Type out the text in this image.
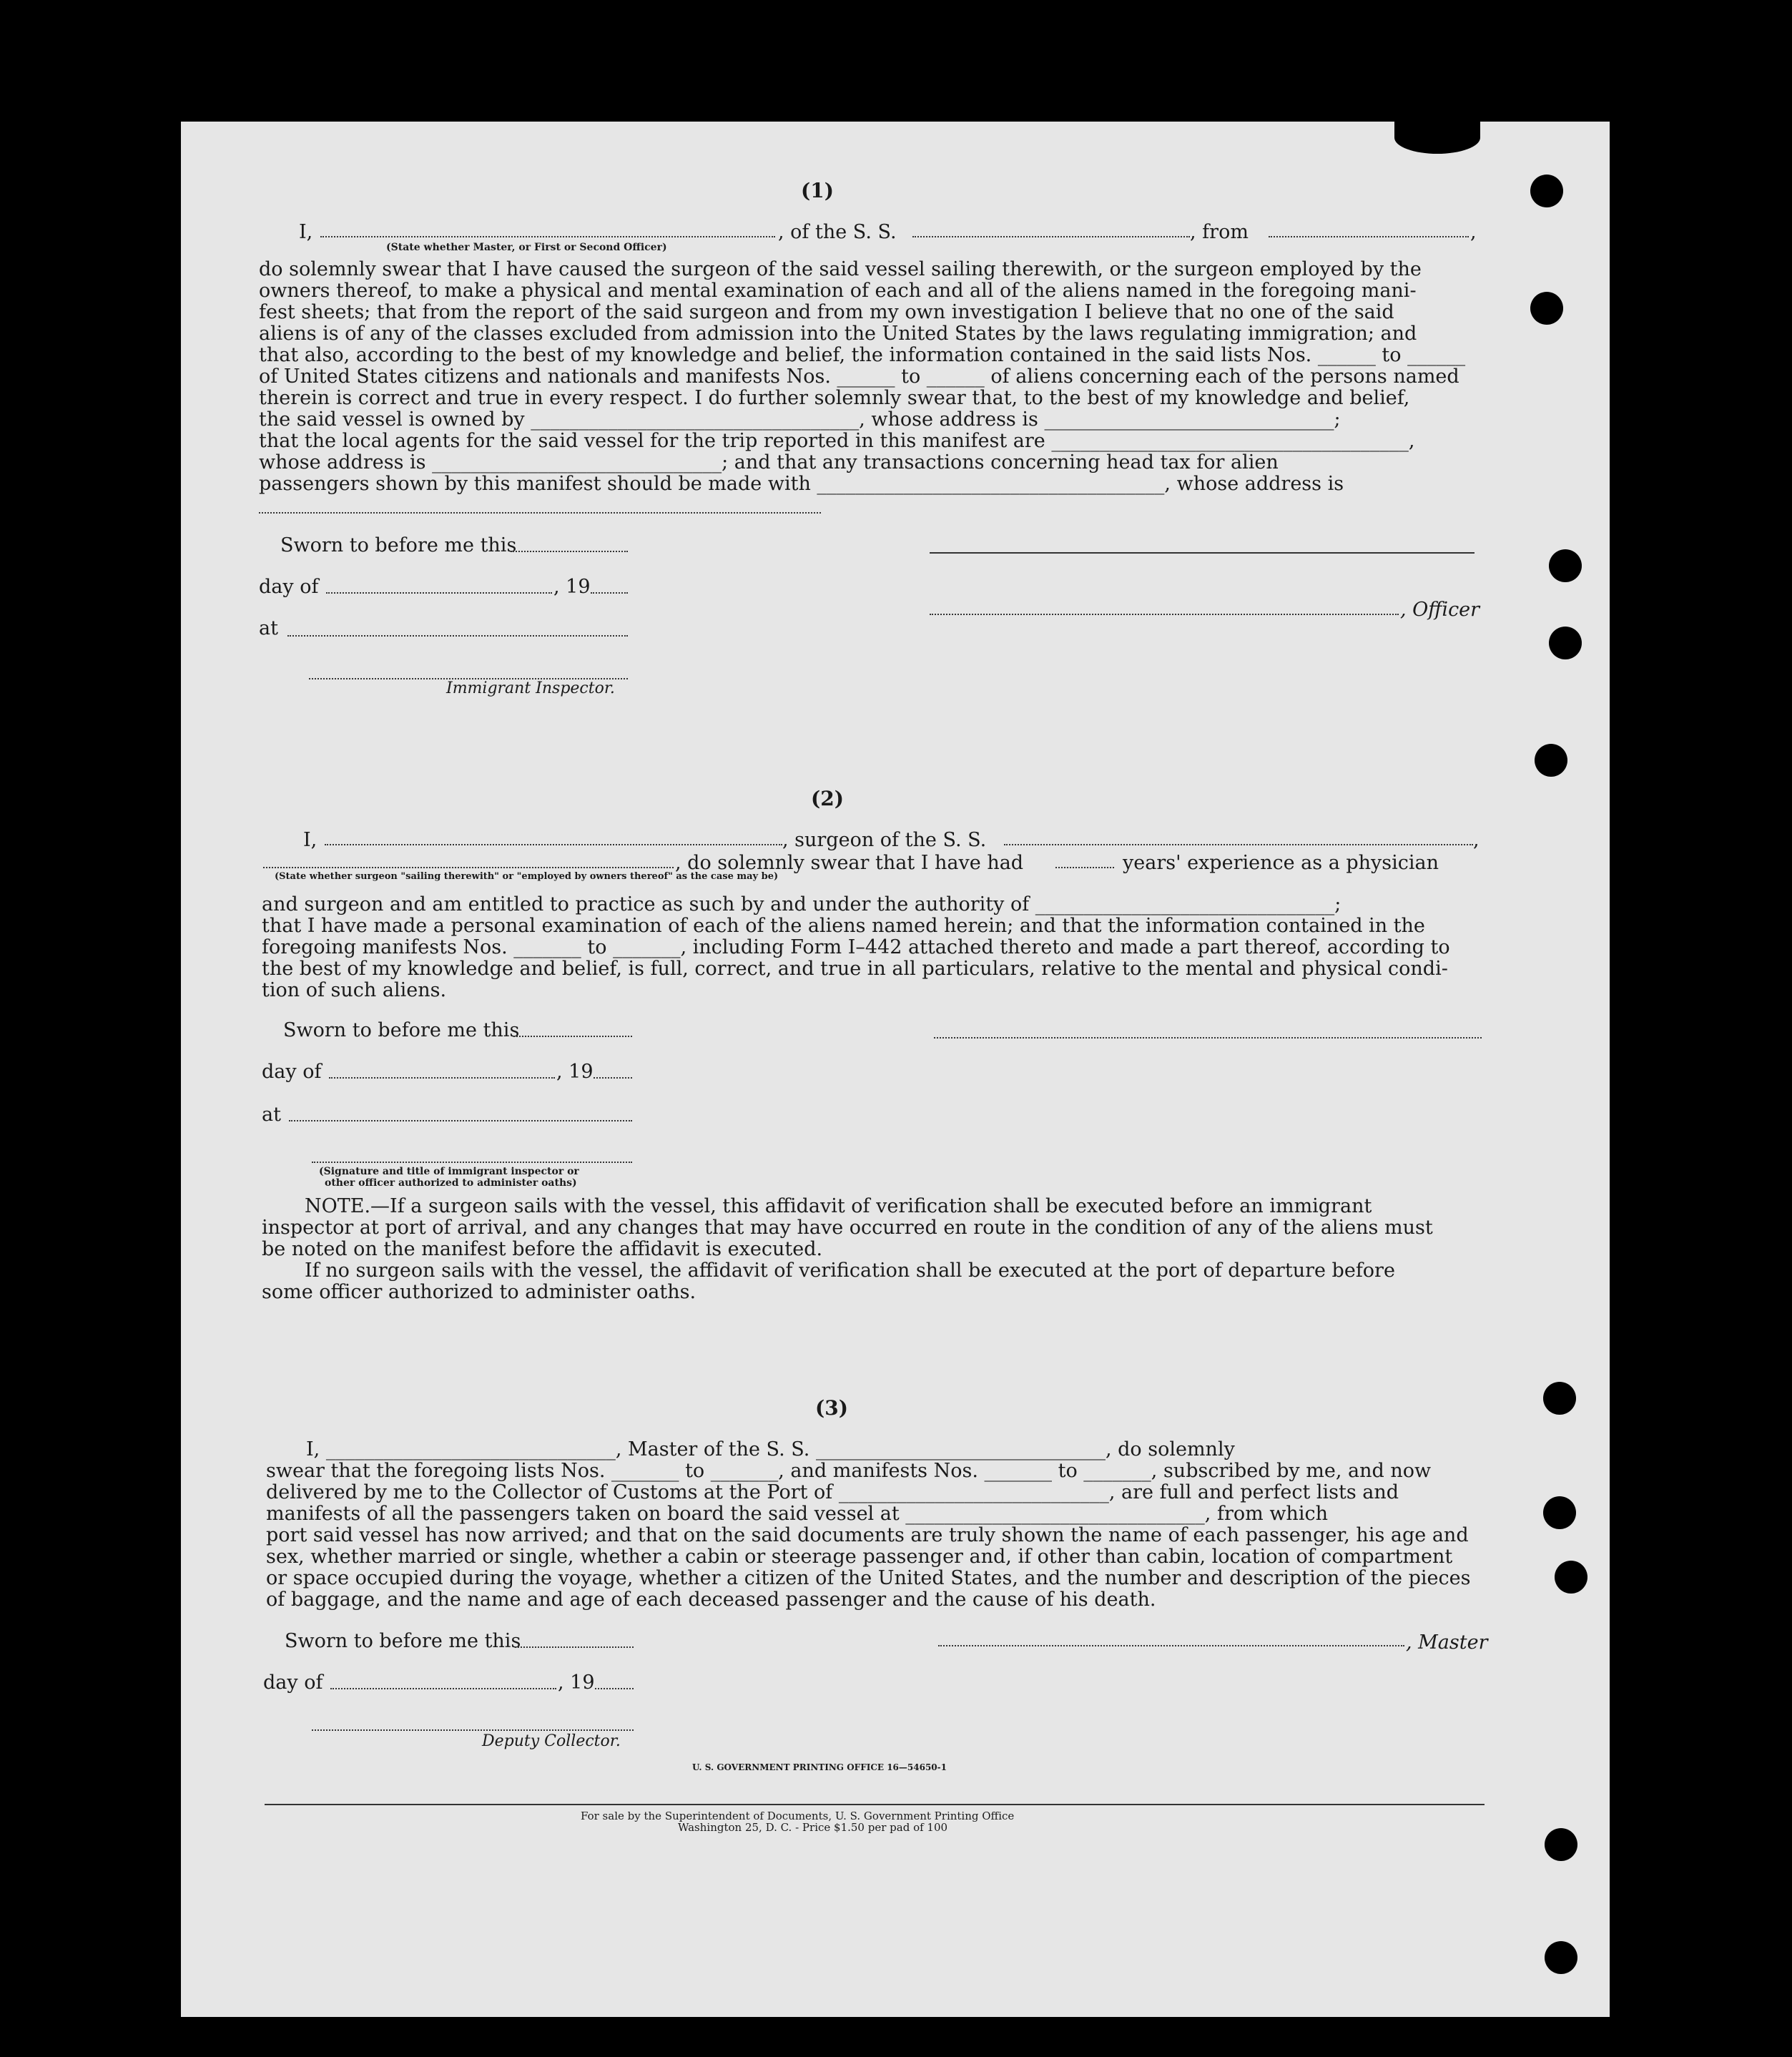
(1)
I,	, of the S. S.	, from	,
(State whether Master, or First or Second Officer)
do solemnly swear that I have caused the surgeon of the said vessel sailing therewith, or the surgeon employed by the
owners thereof, to make a physical and mental examination of each and all of the aliens named in the foregoing mani-
fest sheets; that from the report of the said surgeon and from my own investigation I believe that no one of the said
aliens is of any of the classes excluded from admission into the United States by the laws regulating immigration; and
that also, according to the best of my knowledge and belief, the information contained in the said lists Nos. ______ to ______
of United States citizens and nationals and manifests Nos. ______ to ______ of aliens concerning each of the persons named
therein is correct and true in every respect. I do further solemnly swear that, to the best of my knowledge and belief,
the said vessel is owned by __________________________________, whose address is ______________________________;
that the local agents for the said vessel for the trip reported in this manifest are _____________________________________,
whose address is ______________________________; and that any transactions concerning head tax for alien
passengers shown by this manifest should be made with ____________________________________, whose address is
Sworn to before me this
day of	, 19
at
Immigrant Inspector.
, Officer
(2)
I,	, surgeon of the S. S.	,
, do solemnly swear that I have had	years' experience as a physician
(State whether surgeon "sailing therewith" or "employed by owners thereof" as the case may be)
and surgeon and am entitled to practice as such by and under the authority of _______________________________;
that I have made a personal examination of each of the aliens named herein; and that the information contained in the
foregoing manifests Nos. _______ to _______, including Form I–442 attached thereto and made a part thereof, according to
the best of my knowledge and belief, is full, correct, and true in all particulars, relative to the mental and physical condi-
tion of such aliens.
Sworn to before me this
day of	, 19
at
(Signature and title of immigrant inspector or
other officer authorized to administer oaths)
NOTE.—If a surgeon sails with the vessel, this affidavit of verification shall be executed before an immigrant
inspector at port of arrival, and any changes that may have occurred en route in the condition of any of the aliens must
be noted on the manifest before the affidavit is executed.
If no surgeon sails with the vessel, the affidavit of verification shall be executed at the port of departure before
some officer authorized to administer oaths.
(3)
I, ______________________________, Master of the S. S. ______________________________, do solemnly
swear that the foregoing lists Nos. _______ to _______, and manifests Nos. _______ to _______, subscribed by me, and now
delivered by me to the Collector of Customs at the Port of ____________________________, are full and perfect lists and
manifests of all the passengers taken on board the said vessel at _______________________________, from which
port said vessel has now arrived; and that on the said documents are truly shown the name of each passenger, his age and
sex, whether married or single, whether a cabin or steerage passenger and, if other than cabin, location of compartment
or space occupied during the voyage, whether a citizen of the United States, and the number and description of the pieces
of baggage, and the name and age of each deceased passenger and the cause of his death.
Sworn to before me this
day of	, 19
Deputy Collector.
, Master
U. S. GOVERNMENT PRINTING OFFICE 16—54650-1
For sale by the Superintendent of Documents, U. S. Government Printing Office
Washington 25, D. C. - Price $1.50 per pad of 100
